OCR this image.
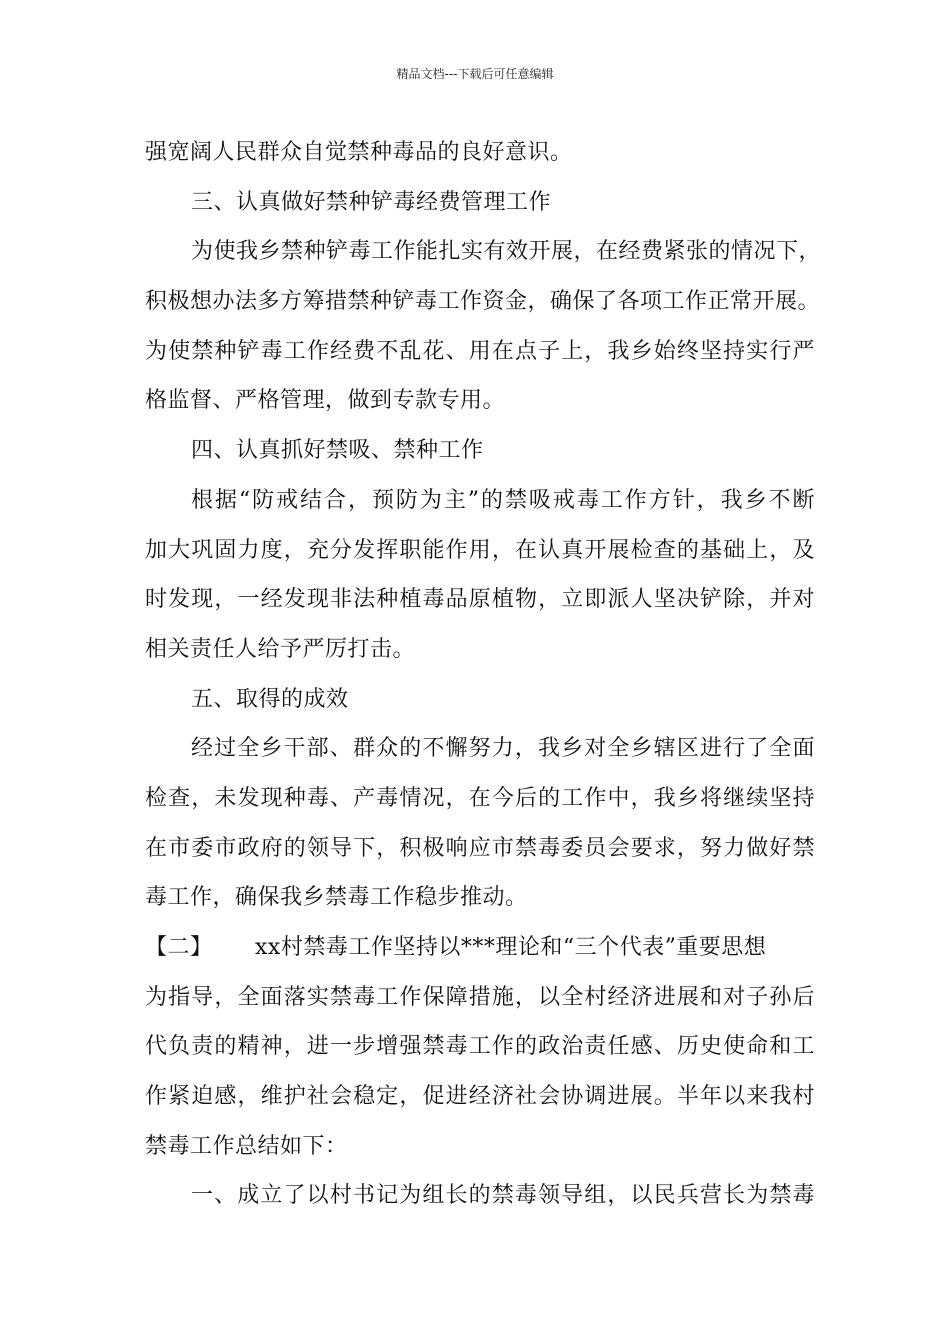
精品文档---下载后可任意编辑
强宽阔人民群众自觉禁种毒品的良好意识。
三、认真做好禁种铲毒经费管理工作
为使我乡禁种铲毒工作能扎实有效开展，在经费紧张的情况下，
积极想办法多方筹措禁种铲毒工作资金，确保了各项工作正常开展。
为使禁种铲毒工作经费不乱花、用在点子上，我乡始终坚持实行严
格监督、严格管理，做到专款专用。
四、认真抓好禁吸、禁种工作
根据“防戒结合，预防为主”的禁吸戒毒工作方针，我乡不断
加大巩固力度，充分发挥职能作用，在认真开展检查的基础上，及
时发现，一经发现非法种植毒品原植物，立即派人坚决铲除，并对
相关责任人给予严厉打击。
五、取得的成效
经过全乡干部、群众的不懈努力，我乡对全乡辖区进行了全面
检查，未发现种毒、产毒情况，在今后的工作中，我乡将继续坚持
在市委市政府的领导下，积极响应市禁毒委员会要求，努力做好禁
毒工作，确保我乡禁毒工作稳步推动。
【二】 xx村禁毒工作坚持以***理论和“三个代表”重要思想
为指导，全面落实禁毒工作保障措施，以全村经济进展和对子孙后
代负责的精神，进一步增强禁毒工作的政治责任感、历史使命和工
作紧迫感，维护社会稳定，促进经济社会协调进展。半年以来我村
禁毒工作总结如下：
一、成立了以村书记为组长的禁毒领导组，以民兵营长为禁毒
